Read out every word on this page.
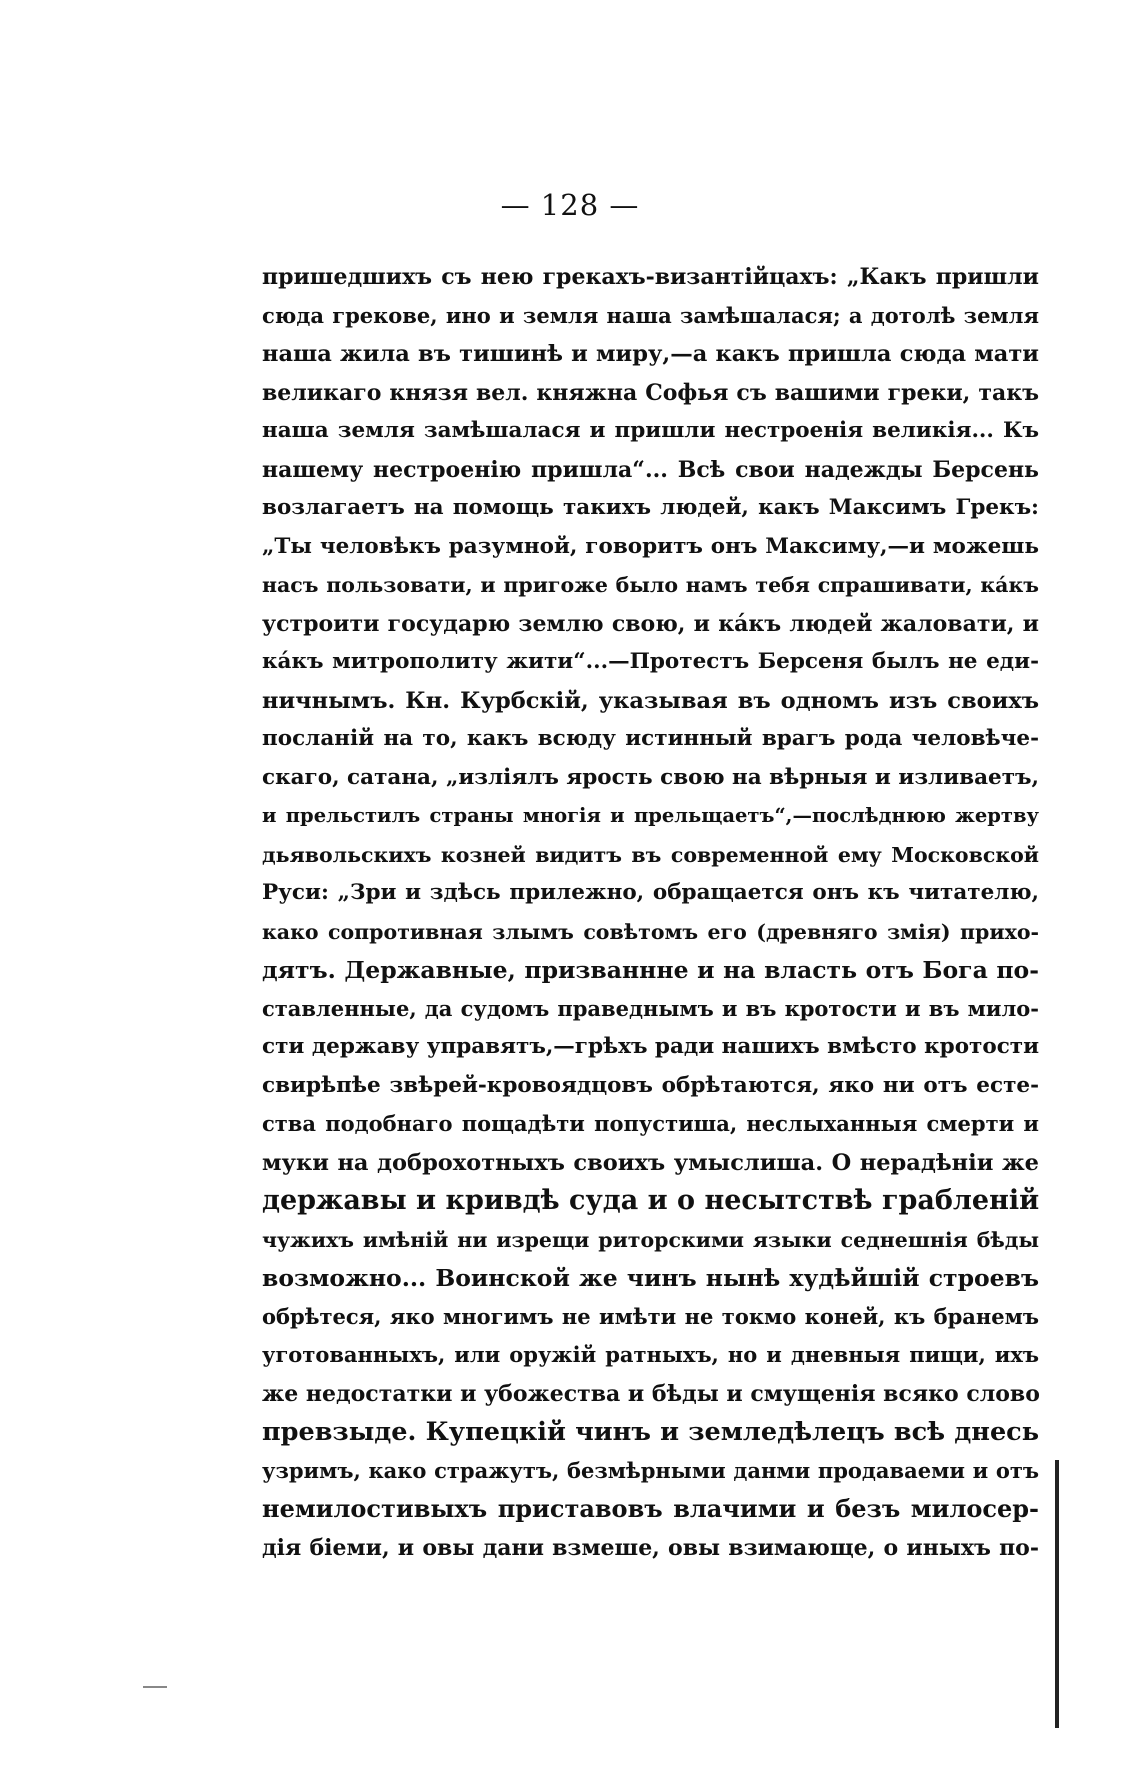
— 128 —
пришедшихъ съ нею грекахъ-византійцахъ: „Какъ пришли
сюда грекове, ино и земля наша замѣшалася; а дотолѣ земля
наша жила въ тишинѣ и миру,—а какъ пришла сюда мати
великаго князя вел. княжна Софья съ вашими греки, такъ
наша земля замѣшалася и пришли нестроенія великія... Къ
нашему нестроенію пришла“... Всѣ свои надежды Берсень
возлагаетъ на помощь такихъ людей, какъ Максимъ Грекъ:
„Ты человѣкъ разумной, говоритъ онъ Максиму,—и можешь
насъ пользовати, и пригоже было намъ тебя спрашивати, ка́къ
устроити государю землю свою, и ка́къ людей жаловати, и
ка́къ митрополиту жити“...—Протестъ Берсеня былъ не еди-
ничнымъ. Кн. Курбскій, указывая въ одномъ изъ своихъ
посланій на то, какъ всюду истинный врагъ рода человѣче-
скаго, сатана, „изліялъ ярость свою на вѣрныя и изливаетъ,
и прельстилъ страны многія и прельщаетъ“,—послѣднюю жертву
дьявольскихъ козней видитъ въ современной ему Московской
Руси: „Зри и здѣсь прилежно, обращается онъ къ читателю,
како сопротивная злымъ совѣтомъ его (древняго змія) прихо-
дятъ. Державные, призваннне и на власть отъ Бога по-
ставленные, да судомъ праведнымъ и въ кротости и въ мило-
сти державу управятъ,—грѣхъ ради нашихъ вмѣсто кротости
свирѣпѣе звѣрей-кровоядцовъ обрѣтаются, яко ни отъ есте-
ства подобнаго пощадѣти попустиша, неслыханныя смерти и
муки на доброхотныхъ своихъ умыслиша. О нерадѣніи же
державы и кривдѣ суда и о несытствѣ грабленій
чужихъ имѣній ни изрещи риторскими языки седнешнія бѣды
возможно... Воинской же чинъ нынѣ худѣйшій строевъ
обрѣтеся, яко многимъ не имѣти не токмо коней, къ бранемъ
уготованныхъ, или оружій ратныхъ, но и дневныя пищи, ихъ
же недостатки и убожества и бѣды и смущенія всяко слово
превзыде. Купецкій чинъ и земледѣлецъ всѣ днесь
узримъ, како стражутъ, безмѣрными данми продаваеми и отъ
немилостивыхъ приставовъ влачими и безъ милосер-
дія біеми, и овы дани взмеше, овы взимающе, о иныхъ по-
